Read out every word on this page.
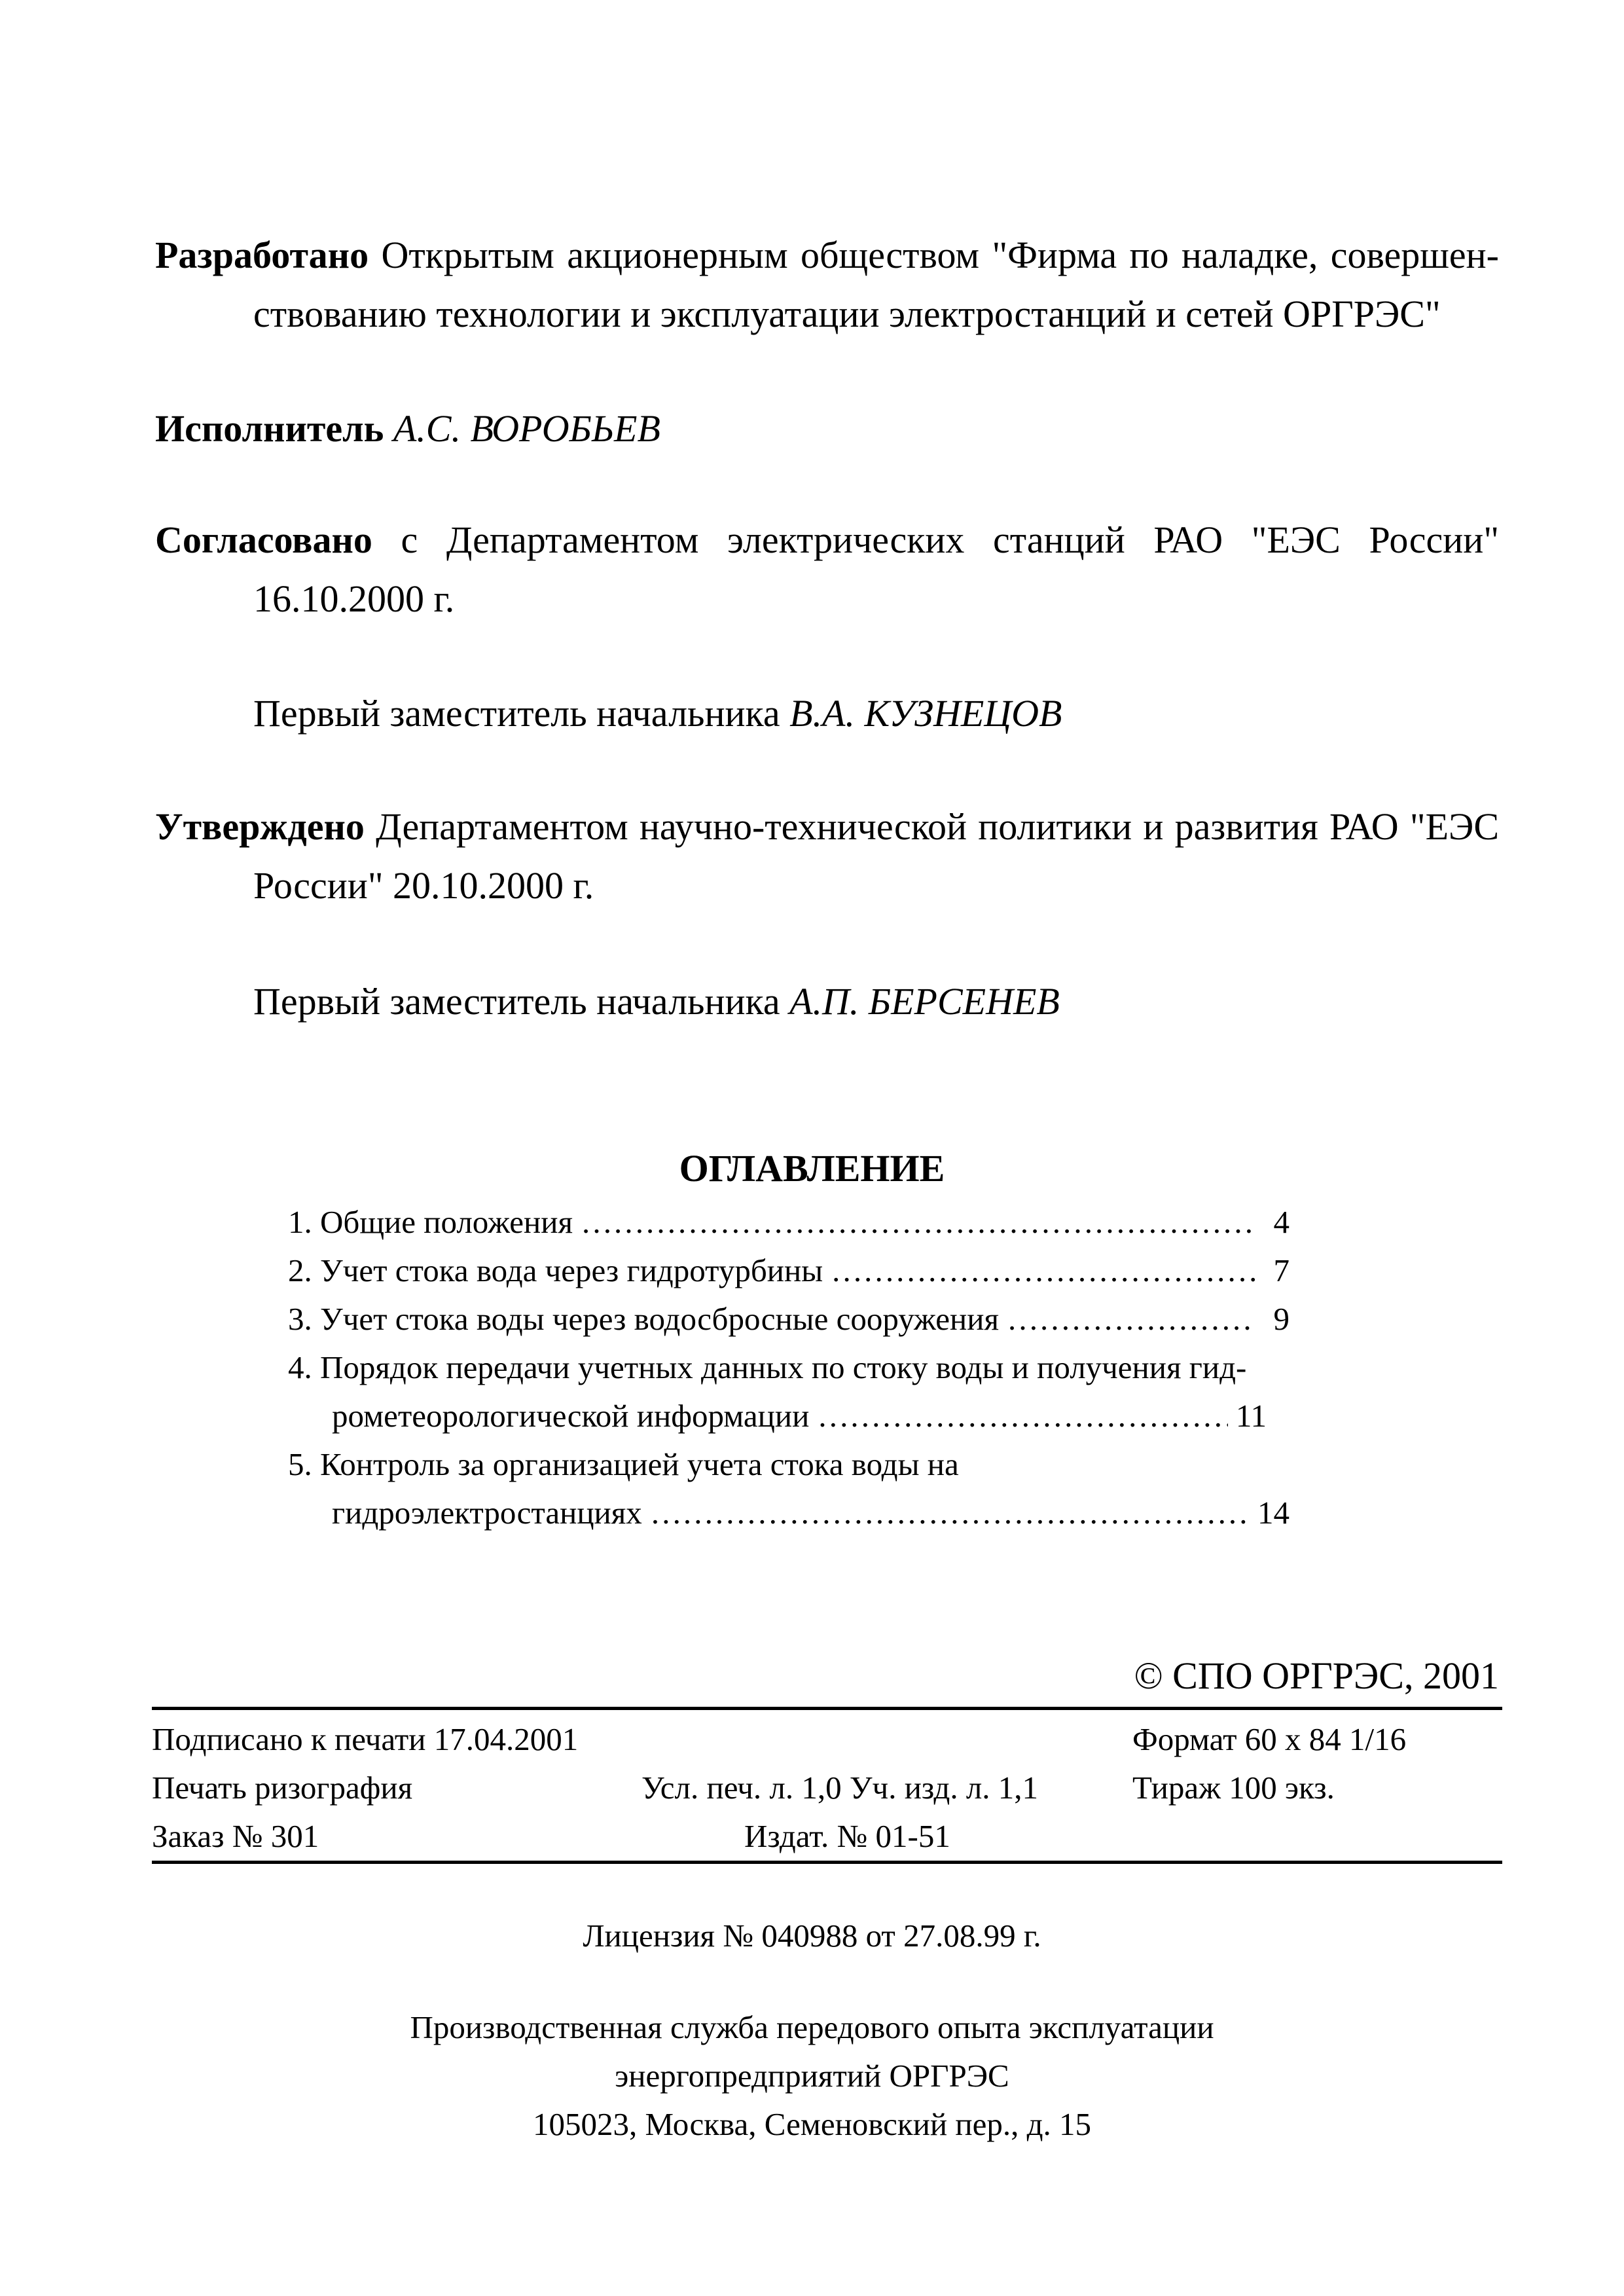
Разработано Открытым акционерным обществом "Фирма по наладке, совершен-
ствованию технологии и эксплуатации электростанций и сетей ОРГРЭС"
Исполнитель А.С. ВОРОБЬЕВ
Согласовано с Департаментом электрических станций РАО "ЕЭС России"
16.10.2000 г.
Первый заместитель начальника В.А. КУЗНЕЦОВ
Утверждено Департаментом научно-технической политики и развития РАО "ЕЭС
России" 20.10.2000 г.
Первый заместитель начальника А.П. БЕРСЕНЕВ
ОГЛАВЛЕНИЕ
1. Общие положения …………………………………………………………………………………………………………………………………	4
2. Учет стока вода через гидротурбины …………………………………………………………………………………………………………………………………	7
3. Учет стока воды через водосбросные сооружения …………………………………………………………………………………………………………………………………	9
4. Порядок передачи учетных данных по стоку воды и получения гид-
рометеорологической информации …………………………………………………………………………………………………………………………………	11
5. Контроль за организацией учета стока воды на
гидроэлектростанциях …………………………………………………………………………………………………………………………………	14
© СПО ОРГРЭС, 2001
Подписано к печати 17.04.2001	Формат 60 х 84 1/16
Печать ризография	Усл. печ. л. 1,0 Уч. изд. л. 1,1	Тираж 100 экз.
Заказ № 301	Издат. № 01-51
Лицензия № 040988 от 27.08.99 г.
Производственная служба передового опыта эксплуатации
энергопредприятий ОРГРЭС
105023, Москва, Семеновский пер., д. 15
